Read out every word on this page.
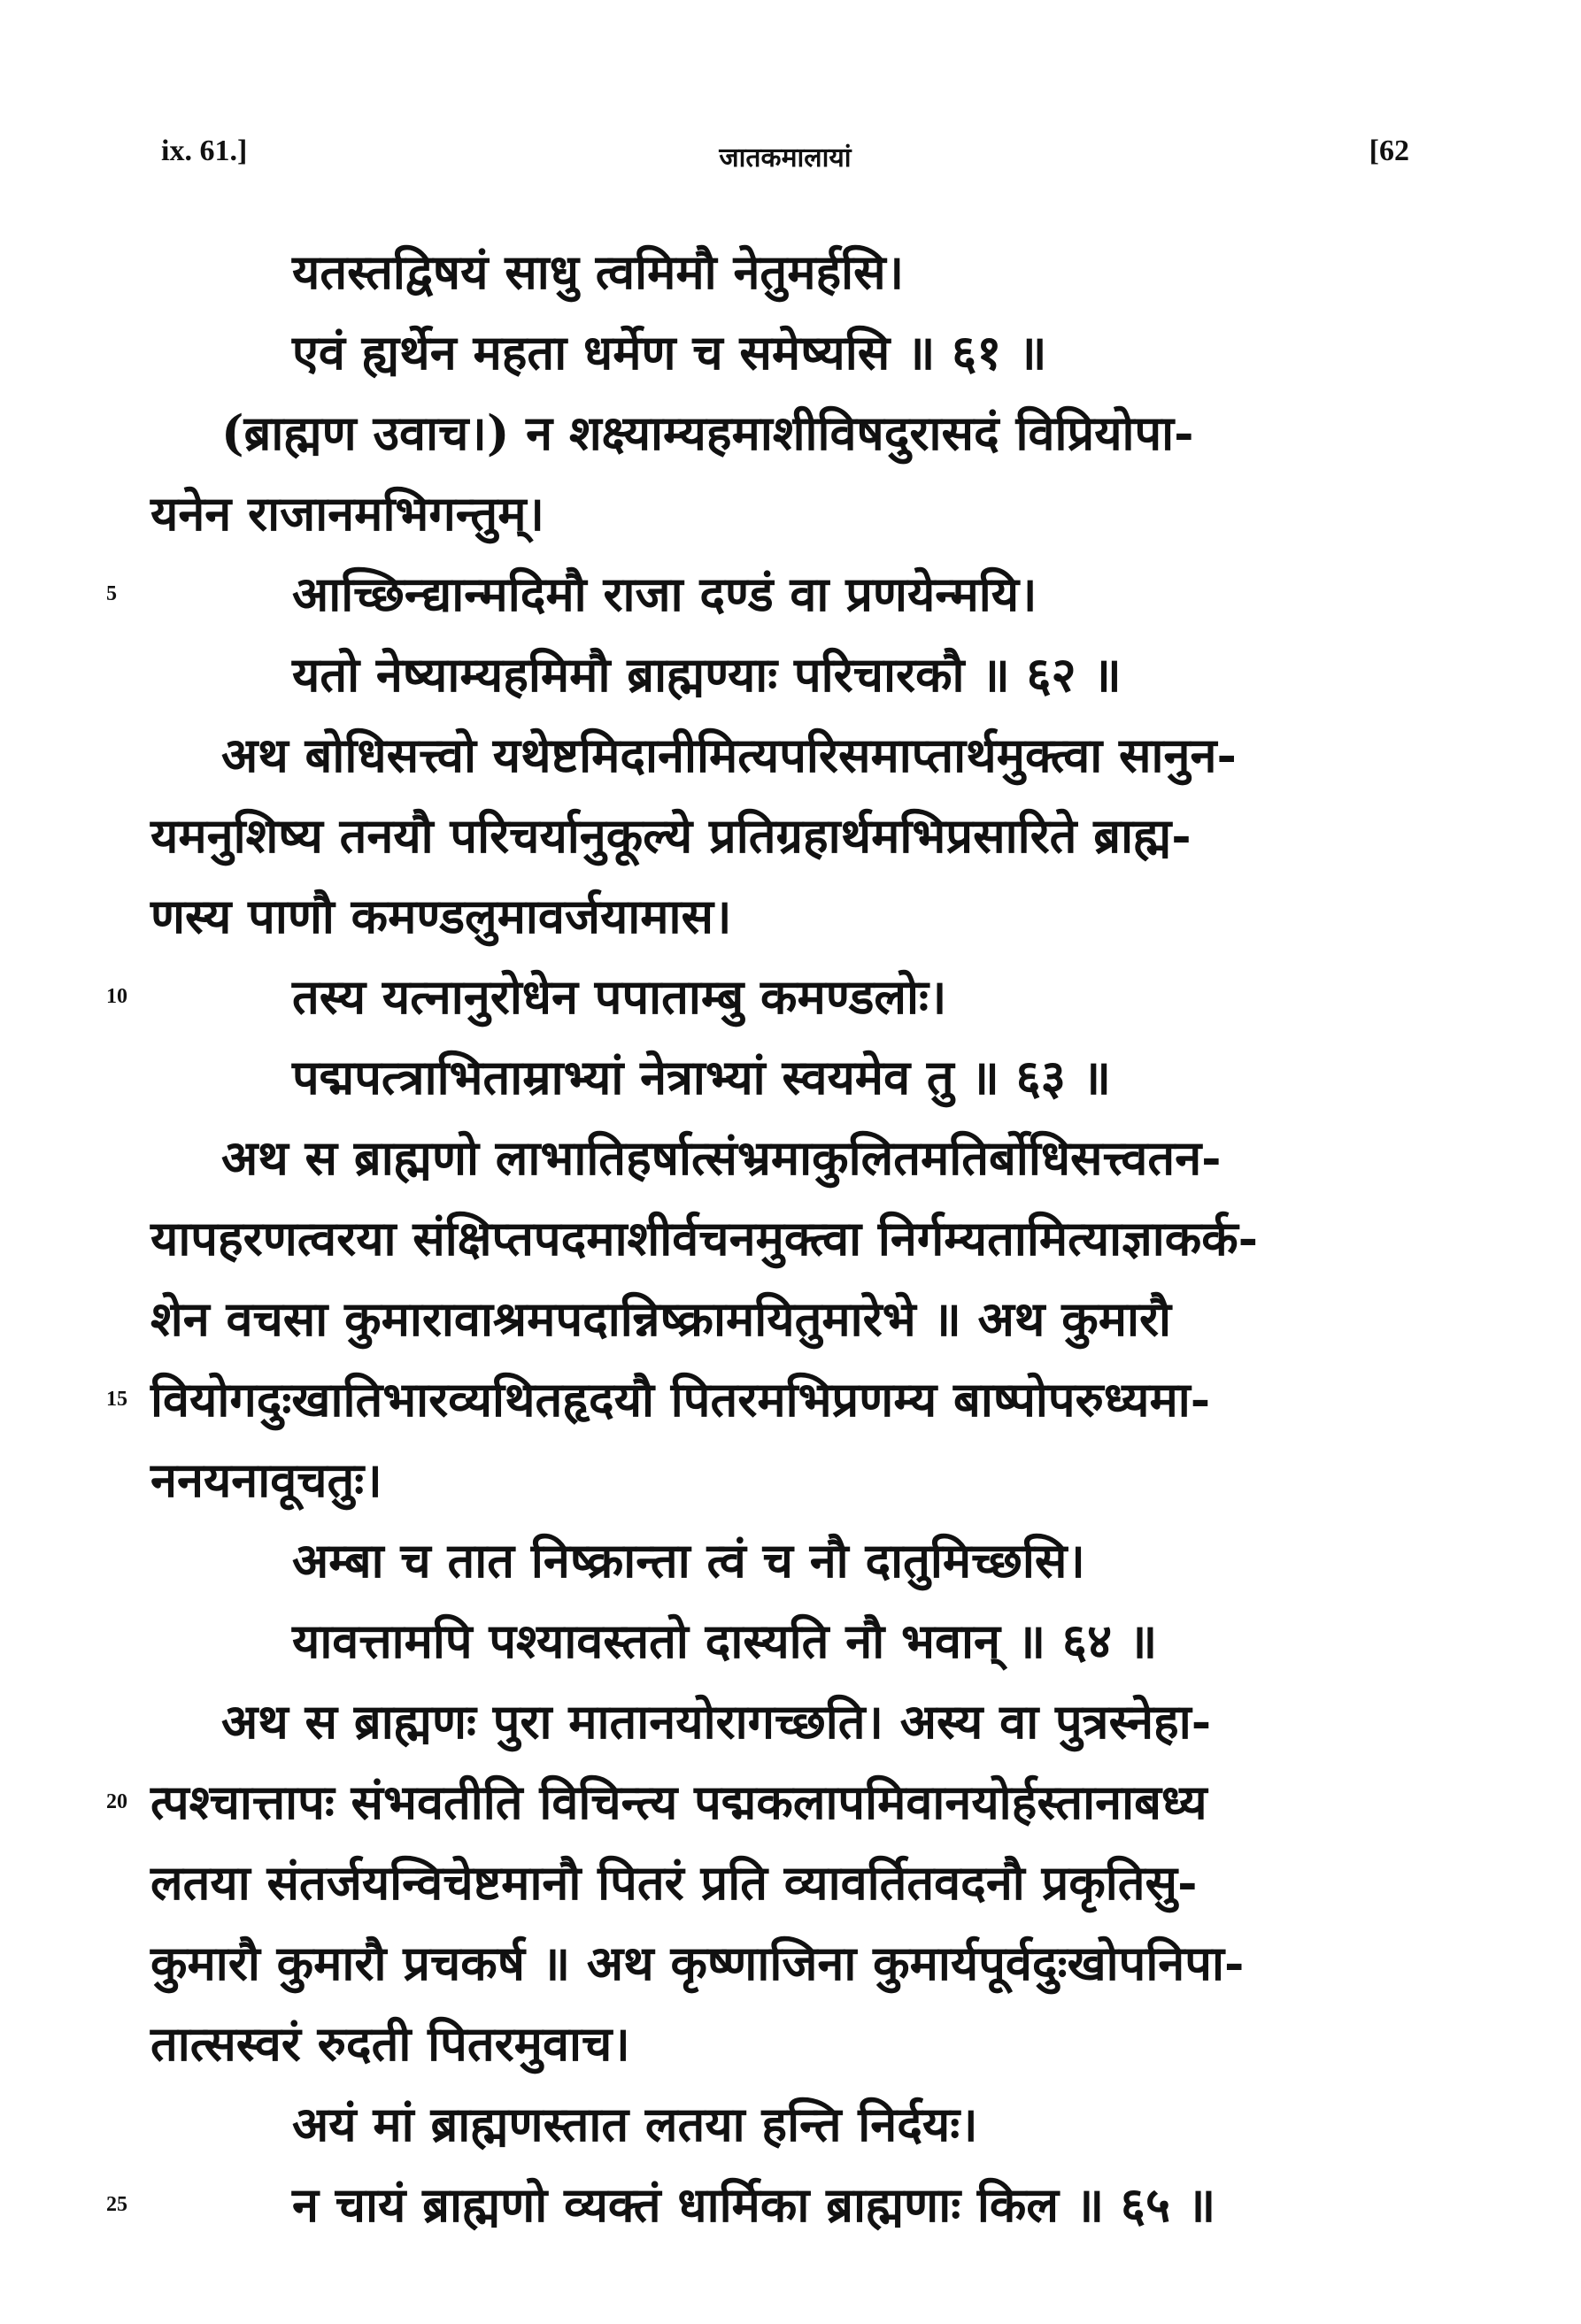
ix. 61.]	जातकमालायां	[62
यतस्तद्विषयं साधु त्वमिमौ नेतुमर्हसि।
एवं ह्यर्थेन महता धर्मेण च समेष्यसि ॥ ६१ ॥
(ब्राह्मण उवाच।) न शक्ष्याम्यहमाशीविषदुरासदं विप्रियोपा-
यनेन राजानमभिगन्तुम्।
5	आच्छिन्द्यान्मदिमौ राजा दण्डं वा प्रणयेन्मयि।
यतो नेष्याम्यहमिमौ ब्राह्मण्याः परिचारकौ ॥ ६२ ॥
अथ बोधिसत्त्वो यथेष्टमिदानीमित्यपरिसमाप्तार्थमुक्त्वा सानुन-
यमनुशिष्य तनयौ परिचर्यानुकूल्ये प्रतिग्रहार्थमभिप्रसारिते ब्राह्म-
णस्य पाणौ कमण्डलुमावर्जयामास।
10	तस्य यत्नानुरोधेन पपाताम्बु कमण्डलोः।
पद्मपत्त्राभिताम्राभ्यां नेत्राभ्यां स्वयमेव तु ॥ ६३ ॥
अथ स ब्राह्मणो लाभातिहर्षात्संभ्रमाकुलितमतिर्बोधिसत्त्वतन-
यापहरणत्वरया संक्षिप्तपदमाशीर्वचनमुक्त्वा निर्गम्यतामित्याज्ञाकर्क-
शेन वचसा कुमारावाश्रमपदान्निष्क्रामयितुमारेभे ॥ अथ कुमारौ
15 वियोगदुःखातिभारव्यथितहृदयौ पितरमभिप्रणम्य बाष्पोपरुध्यमा-
ननयनावूचतुः।
अम्बा च तात निष्क्रान्ता त्वं च नौ दातुमिच्छसि।
यावत्तामपि पश्यावस्ततो दास्यति नौ भवान् ॥ ६४ ॥
अथ स ब्राह्मणः पुरा मातानयोरागच्छति। अस्य वा पुत्रस्नेहा-
20 त्पश्चात्तापः संभवतीति विचिन्त्य पद्मकलापमिवानयोर्हस्तानाबध्य
लतया संतर्जयन्विचेष्टमानौ पितरं प्रति व्यावर्तितवदनौ प्रकृतिसु-
कुमारौ कुमारौ प्रचकर्ष ॥ अथ कृष्णाजिना कुमार्यपूर्वदुःखोपनिपा-
तात्सस्वरं रुदती पितरमुवाच।
अयं मां ब्राह्मणस्तात लतया हन्ति निर्दयः।
25	न चायं ब्राह्मणो व्यक्तं धार्मिका ब्राह्मणाः किल ॥ ६५ ॥
